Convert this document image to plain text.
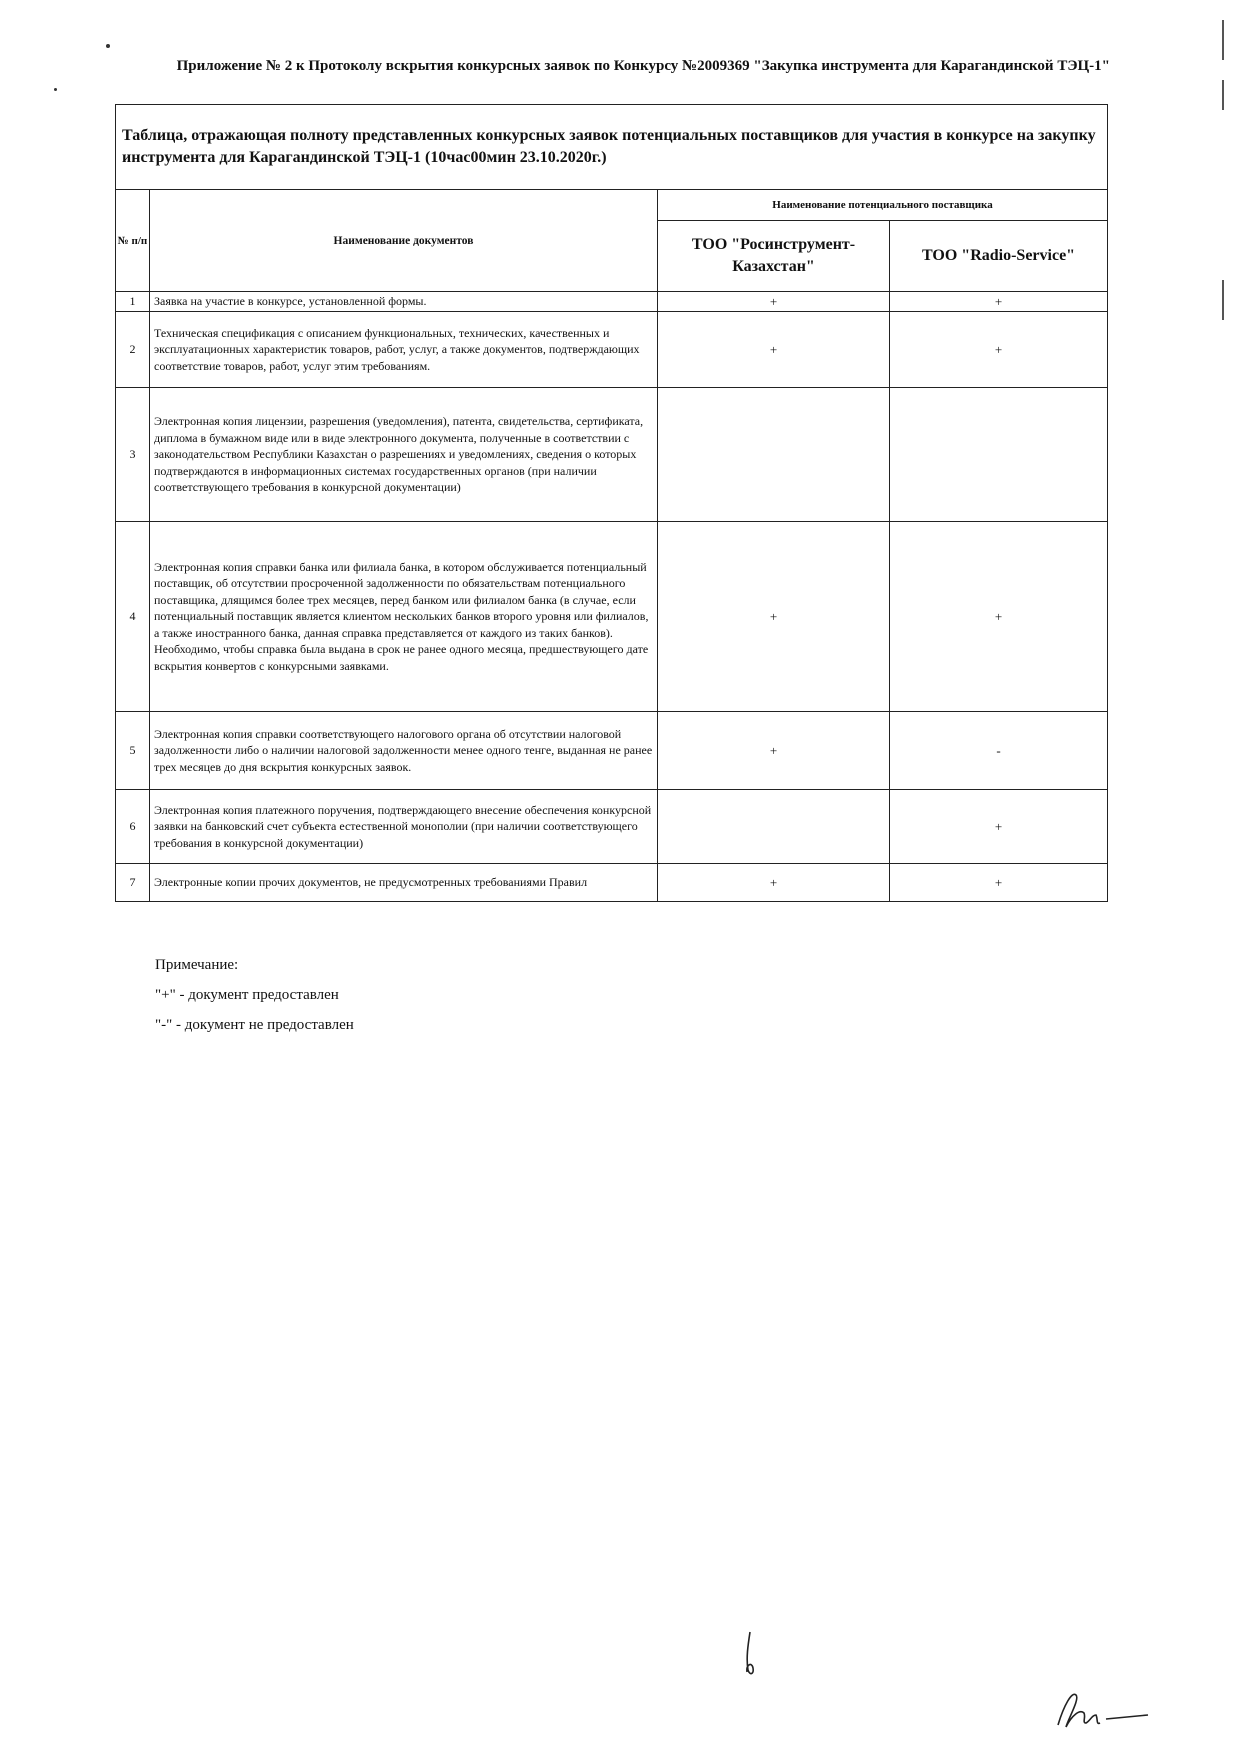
Приложение № 2 к Протоколу вскрытия конкурсных заявок по Конкурсу №2009369 "Закупка инструмента для Карагандинской ТЭЦ-1"
Таблица, отражающая полноту представленных конкурсных заявок потенциальных поставщиков для участия в конкурсе на закупку инструмента для Карагандинской ТЭЦ-1 (10час00мин 23.10.2020г.)			
№ п/п	Наименование документов	Наименование потенциального поставщика	
		ТОО "Росинструмент-Казахстан"	ТОО "Radio-Service"
1	Заявка на участие в конкурсе, установленной формы.	+	+
2	Техническая спецификация с описанием функциональных, технических, качественных и эксплуатационных характеристик товаров, работ, услуг, а также документов, подтверждающих соответствие товаров, работ, услуг этим требованиям.	+	+
3	Электронная копия лицензии, разрешения (уведомления), патента, свидетельства, сертификата, диплома в бумажном виде или в виде электронного документа, полученные в соответствии с законодательством Республики Казахстан о разрешениях и уведомлениях, сведения о которых подтверждаются в информационных системах государственных органов (при наличии соответствующего требования в конкурсной документации)		
4	Электронная копия справки банка или филиала банка, в котором обслуживается потенциальный поставщик, об отсутствии просроченной задолженности по обязательствам потенциального поставщика, длящимся более трех месяцев, перед банком или филиалом банка (в случае, если потенциальный поставщик является клиентом нескольких банков второго уровня или филиалов, а также иностранного банка, данная справка представляется от каждого из таких банков). Необходимо, чтобы справка была выдана в срок не ранее одного месяца, предшествующего дате вскрытия конвертов с конкурсными заявками.	+	+
5	Электронная копия справки соответствующего налогового органа об отсутствии налоговой задолженности либо о наличии налоговой задолженности менее одного тенге, выданная не ранее трех месяцев до дня вскрытия конкурсных заявок.	+	-
6	Электронная копия платежного поручения, подтверждающего внесение обеспечения конкурсной заявки на банковский счет субъекта естественной монополии (при наличии соответствующего требования в конкурсной документации)		+
7	Электронные копии прочих документов, не предусмотренных требованиями Правил	+	+
Примечание:
"+" - документ предоставлен
"-" - документ не предоставлен
